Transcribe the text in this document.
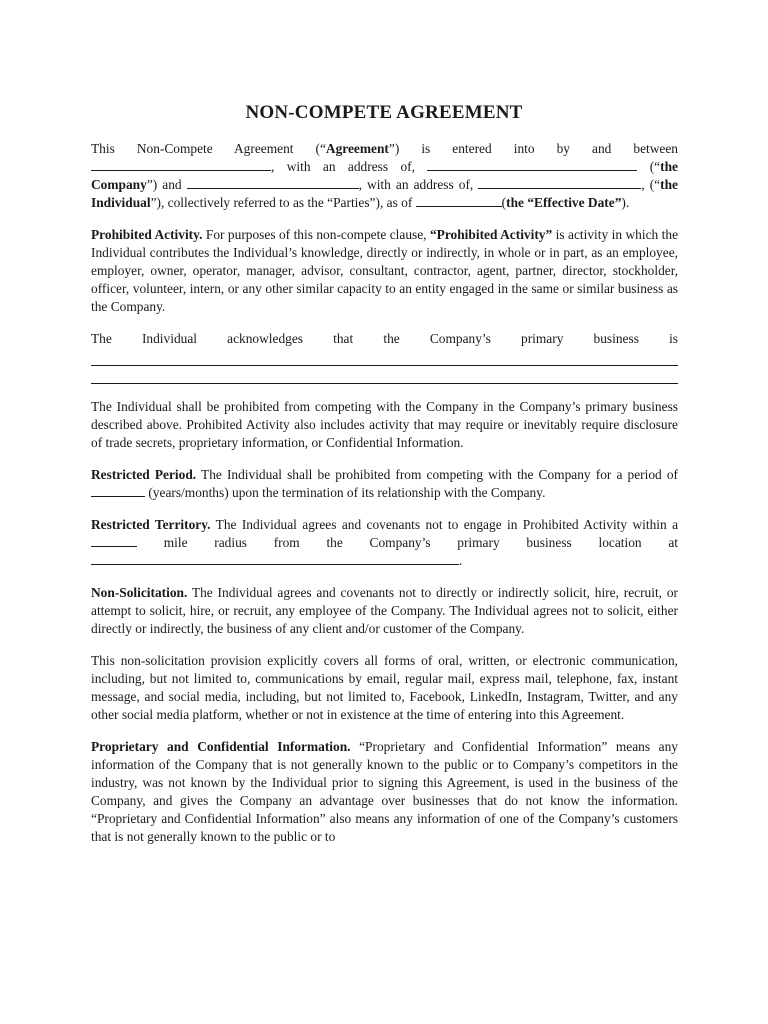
NON-COMPETE AGREEMENT

This Non-Compete Agreement (“Agreement”) is entered into by and between , with an address of,	(“the Company”) and	, with an address of,	, (“the Individual”), collectively referred to as the “Parties”), as of	(the “Effective Date”).

Prohibited Activity. For purposes of this non-compete clause, “Prohibited Activity” is activity in which the Individual contributes the Individual’s knowledge, directly or indirectly, in whole or in part, as an employee, employer, owner, operator, manager, advisor, consultant, contractor, agent, partner, director, stockholder, officer, volunteer, intern, or any other similar capacity to an entity engaged in the same or similar business as the Company.

The Individual acknowledges that the Company’s primary business is

The Individual shall be prohibited from competing with the Company in the Company’s primary business described above. Prohibited Activity also includes activity that may require or inevitably require disclosure of trade secrets, proprietary information, or Confidential Information.

Restricted Period. The Individual shall be prohibited from competing with the Company for a period of  (years/months) upon the termination of its relationship with the Company.

Restricted Territory. The Individual agrees and covenants not to engage in Prohibited Activity within a  mile radius from the Company’s primary business location at .

Non-Solicitation. The Individual agrees and covenants not to directly or indirectly solicit, hire, recruit, or attempt to solicit, hire, or recruit, any employee of the Company. The Individual agrees not to solicit, either directly or indirectly, the business of any client and/or customer of the Company.

This non-solicitation provision explicitly covers all forms of oral, written, or electronic communication, including, but not limited to, communications by email, regular mail, express mail, telephone, fax, instant message, and social media, including, but not limited to, Facebook, LinkedIn, Instagram, Twitter, and any other social media platform, whether or not in existence at the time of entering into this Agreement.

Proprietary and Confidential Information. “Proprietary and Confidential Information” means any information of the Company that is not generally known to the public or to Company’s competitors in the industry, was not known by the Individual prior to signing this Agreement, is used in the business of the Company, and gives the Company an advantage over businesses that do not know the information. “Proprietary and Confidential Information” also means any information of one of the Company’s customers that is not generally known to the public or to
